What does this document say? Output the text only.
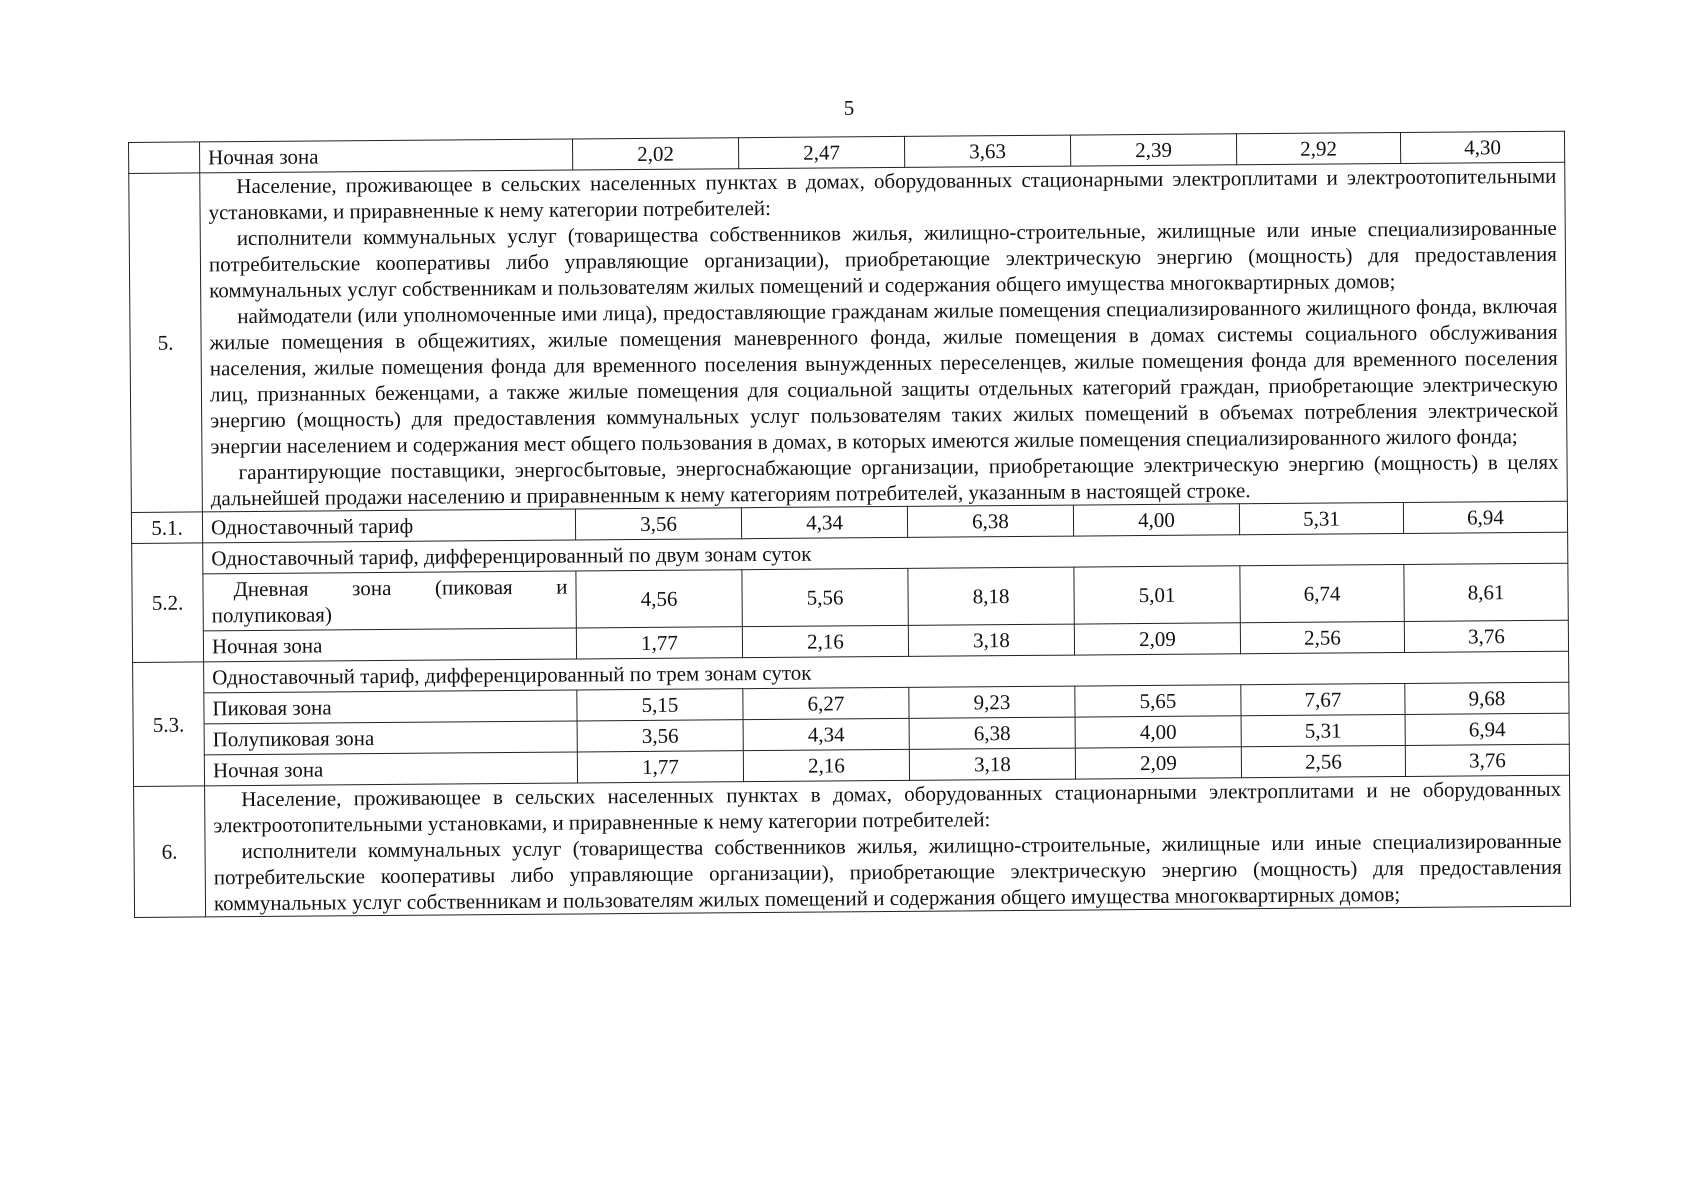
5
	Ночная зона	2,02	2,47	3,63	2,39	2,92	4,30
5.	Население, проживающее в сельских населенных пунктах в домах, оборудованных стационарными электроплитами и электроотопительными установками, и приравненные к нему категории потребителей:

исполнители коммунальных услуг (товарищества собственников жилья, жилищно-строительные, жилищные или иные специализированные потребительские кооперативы либо управляющие организации), приобретающие электрическую энергию (мощность) для предоставления коммунальных услуг собственникам и пользователям жилых помещений и содержания общего имущества многоквартирных домов;

наймодатели (или уполномоченные ими лица), предоставляющие гражданам жилые помещения специализированного жилищного фонда, включая жилые помещения в общежитиях, жилые помещения маневренного фонда, жилые помещения в домах системы социального обслуживания населения, жилые помещения фонда для временного поселения вынужденных переселенцев, жилые помещения фонда для временного поселения лиц, признанных беженцами, а также жилые помещения для социальной защиты отдельных категорий граждан, приобретающие электрическую энергию (мощность) для предоставления коммунальных услуг пользователям таких жилых помещений в объемах потребления электрической энергии населением и содержания мест общего пользования в домах, в которых имеются жилые помещения специализированного жилого фонда;

гарантирующие поставщики, энергосбытовые, энергоснабжающие организации, приобретающие электрическую энергию (мощность) в целях дальнейшей продажи населению и приравненным к нему категориям потребителей, указанным в настоящей строке.						

5.1.	Одноставочный тариф	3,56	4,34	6,38	4,00	5,31	6,94
5.2.	Одноставочный тариф, дифференцированный по двум зонам суток						

	Дневная зона (пиковая и
полупиковая)	4,56	5,56	8,18	5,01	6,74	8,61
	Ночная зона	1,77	2,16	3,18	2,09	2,56	3,76
5.3.	Одноставочный тариф, дифференцированный по трем зонам суток						
	Пиковая зона	5,15	6,27	9,23	5,65	7,67	9,68
	Полупиковая зона	3,56	4,34	6,38	4,00	5,31	6,94
	Ночная зона	1,77	2,16	3,18	2,09	2,56	3,76
6.	Население, проживающее в сельских населенных пунктах в домах, оборудованных стационарными электроплитами и не оборудованных электроотопительными установками, и приравненные к нему категории потребителей:

исполнители коммунальных услуг (товарищества собственников жилья, жилищно-строительные, жилищные или иные специализированные потребительские кооперативы либо управляющие организации), приобретающие электрическую энергию (мощность) для предоставления коммунальных услуг собственникам и пользователям жилых помещений и содержания общего имущества многоквартирных домов;						
